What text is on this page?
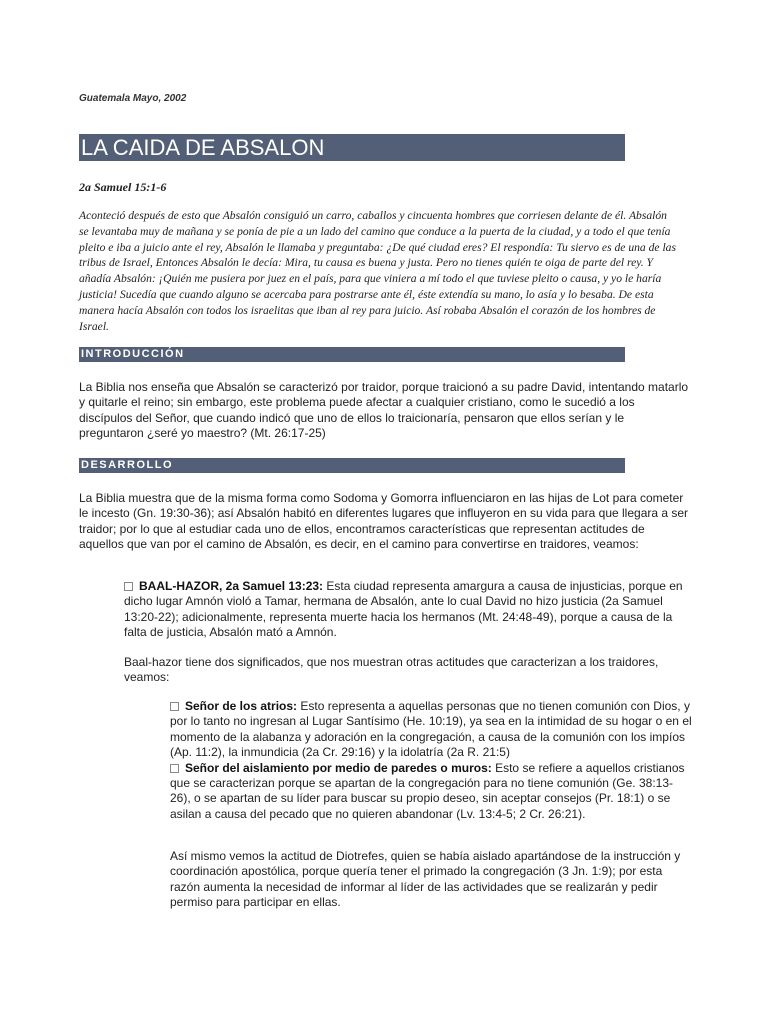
Guatemala Mayo, 2002
LA CAIDA DE ABSALON
2a Samuel 15:1-6
Aconteció después de esto que Absalón consiguió un carro, caballos y cincuenta hombres que corriesen delante de él. Absalón se levantaba muy de mañana y se ponía de pie a un lado del camino que conduce a la puerta de la ciudad, y a todo el que tenía pleito e iba a juicio ante el rey, Absalón le llamaba y preguntaba: ¿De qué ciudad eres? El respondía: Tu siervo es de una de las tribus de Israel, Entonces Absalón le decía: Mira, tu causa es buena y justa. Pero no tienes quién te oiga de parte del rey. Y añadía Absalón: ¡Quién me pusiera por juez en el país, para que viniera a mí todo el que tuviese pleito o causa, y yo le haría justicia! Sucedía que cuando alguno se acercaba para postrarse ante él, éste extendía su mano, lo asía y lo besaba. De esta manera hacía Absalón con todos los israelitas que iban al rey para juicio. Así robaba Absalón el corazón de los hombres de Israel.
INTRODUCCIÓN
La Biblia nos enseña que Absalón se caracterizó por traidor, porque traicionó a su padre David, intentando matarlo y quitarle el reino; sin embargo, este problema puede afectar a cualquier cristiano, como le sucedió a los discípulos del Señor, que cuando indicó que uno de ellos lo traicionaría, pensaron que ellos serían y le preguntaron ¿seré yo maestro? (Mt. 26:17-25)
DESARROLLO
La Biblia muestra que de la misma forma como Sodoma y Gomorra influenciaron en las hijas de Lot para cometer le incesto (Gn. 19:30-36); así Absalón habitó en diferentes lugares que influyeron en su vida para que llegara a ser traidor; por lo que al estudiar cada uno de ellos, encontramos características que representan actitudes de aquellos que van por el camino de Absalón, es decir, en el camino para convertirse en traidores, veamos:
BAAL-HAZOR, 2a Samuel 13:23: Esta ciudad representa amargura a causa de injusticias, porque en dicho lugar Amnón violó a Tamar, hermana de Absalón, ante lo cual David no hizo justicia (2a Samuel 13:20-22); adicionalmente, representa muerte hacia los hermanos (Mt. 24:48-49), porque a causa de la falta de justicia, Absalón mató a Amnón.
Baal-hazor tiene dos significados, que nos muestran otras actitudes que caracterizan a los traidores, veamos:
Señor de los atrios: Esto representa a aquellas personas que no tienen comunión con Dios, y por lo tanto no ingresan al Lugar Santísimo (He. 10:19), ya sea en la intimidad de su hogar o en el momento de la alabanza y adoración en la congregación, a causa de la comunión con los impíos (Ap. 11:2), la inmundicia (2a Cr. 29:16) y la idolatría (2a R. 21:5)
Señor del aislamiento por medio de paredes o muros: Esto se refiere a aquellos cristianos que se caracterizan porque se apartan de la congregación para no tiene comunión (Ge. 38:13-26), o se apartan de su líder para buscar su propio deseo, sin aceptar consejos (Pr. 18:1) o se asilan a causa del pecado que no quieren abandonar (Lv. 13:4-5; 2 Cr. 26:21).
Así mismo vemos la actitud de Diotrefes, quien se había aislado apartándose de la instrucción y coordinación apostólica, porque quería tener el primado la congregación (3 Jn. 1:9); por esta razón aumenta la necesidad de informar al líder de las actividades que se realizarán y pedir permiso para participar en ellas.
